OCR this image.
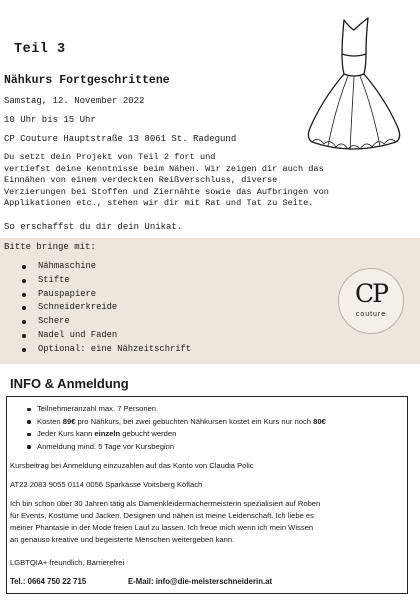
Teil 3
Nähkurs Fortgeschrittene
Samstag, 12. November 2022
10 Uhr bis 15 Uhr
CP Couture Hauptstraße 13 8061 St. Radegund

Du setzt dein Projekt von Teil 2 fort und
vertiefst deine Kenntnisse beim Nähen. Wir zeigen dir auch das
Einnähen von einem verdeckten Reißverschluss, diverse
Verzierungen bei Stoffen und Ziernähte sowie das Aufbringen von
Applikationen etc., stehen wir dir mit Rat und Tat zu Seite.

So erschaffst du dir dein Unikat.
Bitte bringe mit:
Nähmaschine
Stifte
Pauspapiere
Schneiderkreide
Schere
Nadel und Faden
Optional: eine Nähzeitschrift
CP
couture
INFO & Anmeldung
Teilnehmeranzahl max. 7 Personen
Kosten 89€ pro Nähkurs, bei zwei gebuchten Nähkursen kostet ein Kurs nur noch 80€
Jeder Kurs kann einzeln gebucht werden
Anmeldung mind. 5 Tage vor Kursbeginn
Kursbeitrag bei Anmeldung einzuzahlen auf das Konto von Claudia Polic
AT22 2083 9055 0114 0056 Sparkasse Voitsberg Köflach

Ich bin schon über 30 Jahren tätig als Damenkleidermachermeisterin spezialisiert auf Roben
für Events, Kostüme und Jacken. Designen und nähen ist meine Leidenschaft. Ich liebe es
meiner Phantasie in der Mode freien Lauf zu lassen. Ich freue mich wenn ich mein Wissen
an genauso kreative und begeisterte Menschen weitergeben kann.

LGBTQIA+ freundlich, Barrierefrei
Tel.: 0664 750 22 715	E-Mail: info@die-meisterschneiderin.at
